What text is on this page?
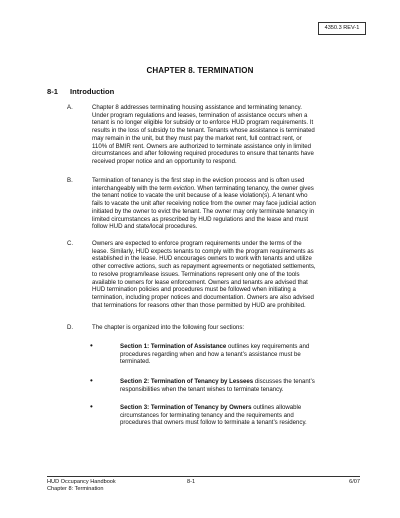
4350.3 REV-1
CHAPTER 8. TERMINATION
8-1 Introduction
A.	Chapter 8 addresses terminating housing assistance and terminating tenancy.
Under program regulations and leases, termination of assistance occurs when a
tenant is no longer eligible for subsidy or to enforce HUD program requirements. It
results in the loss of subsidy to the tenant. Tenants whose assistance is terminated
may remain in the unit, but they must pay the market rent, full contract rent, or
110% of BMIR rent. Owners are authorized to terminate assistance only in limited
circumstances and after following required procedures to ensure that tenants have
received proper notice and an opportunity to respond.
B.	Termination of tenancy is the first step in the eviction process and is often used
interchangeably with the term eviction. When terminating tenancy, the owner gives
the tenant notice to vacate the unit because of a lease violation(s). A tenant who
fails to vacate the unit after receiving notice from the owner may face judicial action
initiated by the owner to evict the tenant. The owner may only terminate tenancy in
limited circumstances as prescribed by HUD regulations and the lease and must
follow HUD and state/local procedures.
C.	Owners are expected to enforce program requirements under the terms of the
lease. Similarly, HUD expects tenants to comply with the program requirements as
established in the lease. HUD encourages owners to work with tenants and utilize
other corrective actions, such as repayment agreements or negotiated settlements,
to resolve program/lease issues. Terminations represent only one of the tools
available to owners for lease enforcement. Owners and tenants are advised that
HUD termination policies and procedures must be followed when initiating a
termination, including proper notices and documentation. Owners are also advised
that terminations for reasons other than those permitted by HUD are prohibited.
D.	The chapter is organized into the following four sections:
•	Section 1: Termination of Assistance outlines key requirements and
procedures regarding when and how a tenant’s assistance must be
terminated.
•	Section 2: Termination of Tenancy by Lessees discusses the tenant’s
responsibilities when the tenant wishes to terminate tenancy.
•	Section 3: Termination of Tenancy by Owners outlines allowable
circumstances for terminating tenancy and the requirements and
procedures that owners must follow to terminate a tenant’s residency.
HUD Occupancy Handbook
Chapter 8: Termination
8-1	6/07
